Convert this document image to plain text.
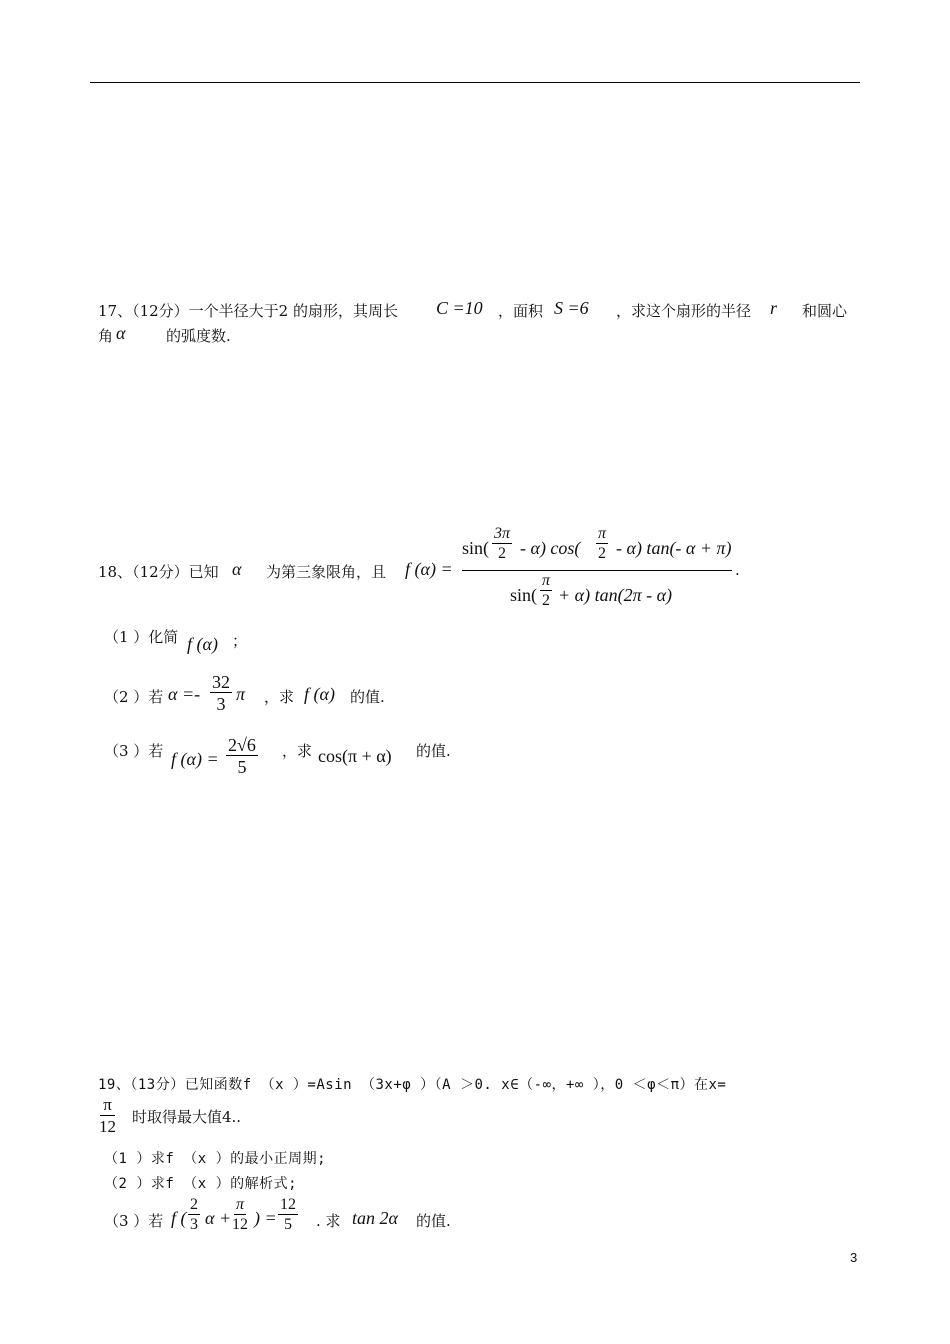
17、（12分）一个半径大于2 的扇形，其周长 C =10 ，面积 S =6 ，求这个扇形的半径 r 和圆心
角 α	的弧度数.
18、（12分）已知 α 为第三象限角，且 f (α) =
$\sin( \frac{3\pi}{2} - \alpha)$ $\cos( \frac{\pi}{2} - \alpha)$ tan(- α + π)
$\sin( \frac{\pi}{2} + \alpha)$ tan(2π - α)
.
（1 ）化简 f (α) ；
（2 ）若 $\alpha =- \frac{32}{3}$ π ，求 f (α) 的值.
（3 ）若 f $(\alpha) = \frac{2√6}{5}$ ，求 cos(π + α) 的值.
19、（13分）已知函数f （x ）=Asin （3x+φ ）（A ＞0. x∈（-∞，+∞ ），0 ＜φ＜π）在x=
$\frac{\pi}{12}$ 时取得最大值4..
（1 ）求f （x ）的最小正周期;
（2 ）求f （x ）的解析式;
（3 ）若 f ( $\frac{2}{3}$ $\alpha + \frac{\pi}{12}$ ) = $\frac{12}{5}$ . 求 tan 2α 的值.
3
